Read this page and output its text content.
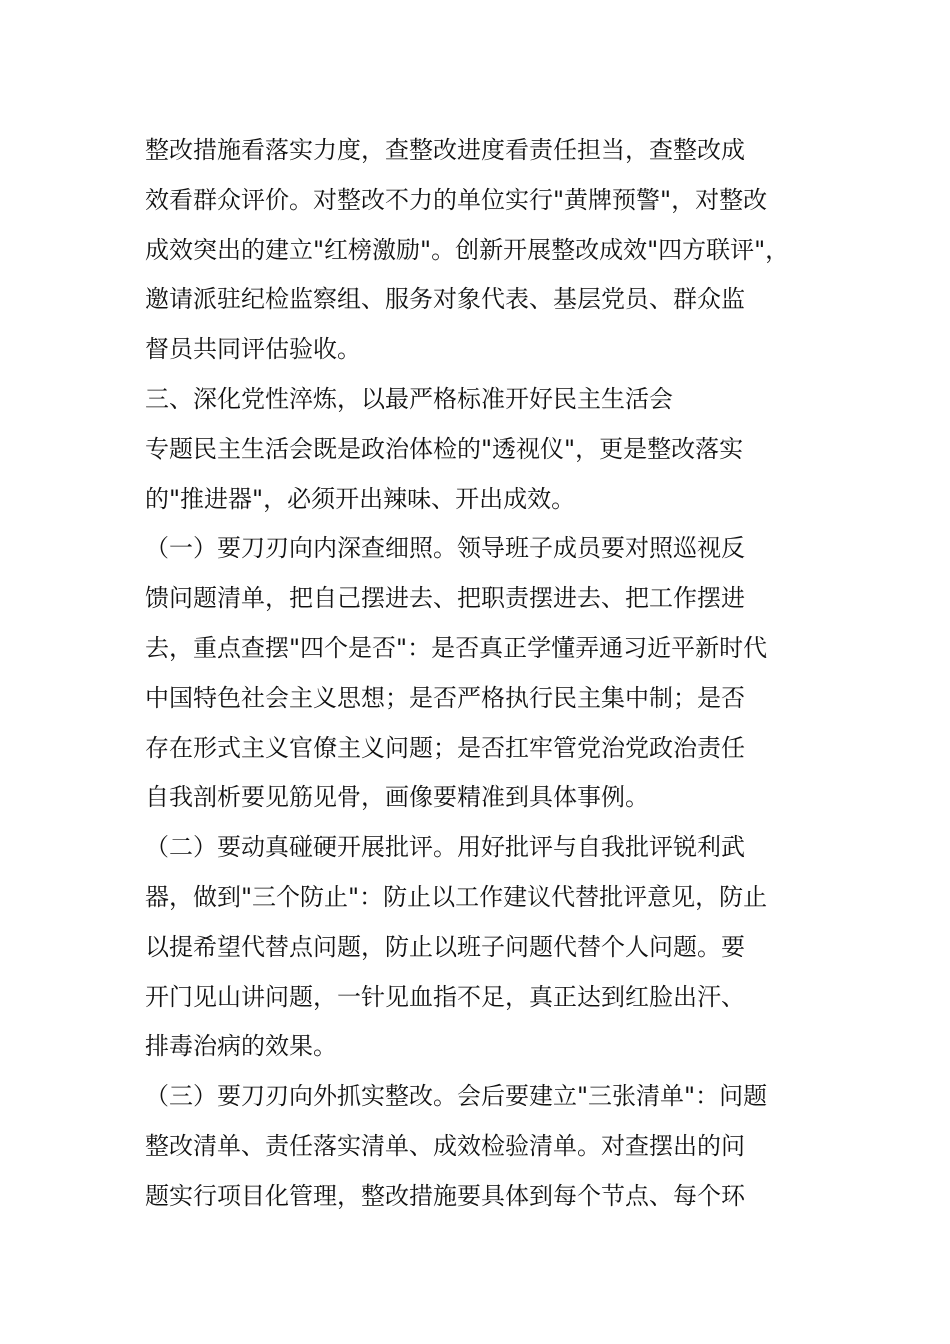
整改措施看落实力度，查整改进度看责任担当，查整改成
效看群众评价。对整改不力的单位实行"黄牌预警"，对整改
成效突出的建立"红榜激励"。创新开展整改成效"四方联评"，
邀请派驻纪检监察组、服务对象代表、基层党员、群众监
督员共同评估验收。
三、深化党性淬炼，以最严格标准开好民主生活会
专题民主生活会既是政治体检的"透视仪"，更是整改落实
的"推进器"，必须开出辣味、开出成效。
（一）要刀刃向内深查细照。领导班子成员要对照巡视反
馈问题清单，把自己摆进去、把职责摆进去、把工作摆进
去，重点查摆"四个是否"：是否真正学懂弄通习近平新时代
中国特色社会主义思想；是否严格执行民主集中制；是否
存在形式主义官僚主义问题；是否扛牢管党治党政治责任
自我剖析要见筋见骨，画像要精准到具体事例。
（二）要动真碰硬开展批评。用好批评与自我批评锐利武
器，做到"三个防止"：防止以工作建议代替批评意见，防止
以提希望代替点问题，防止以班子问题代替个人问题。要
开门见山讲问题，一针见血指不足，真正达到红脸出汗、
排毒治病的效果。
（三）要刀刃向外抓实整改。会后要建立"三张清单"：问题
整改清单、责任落实清单、成效检验清单。对查摆出的问
题实行项目化管理，整改措施要具体到每个节点、每个环
